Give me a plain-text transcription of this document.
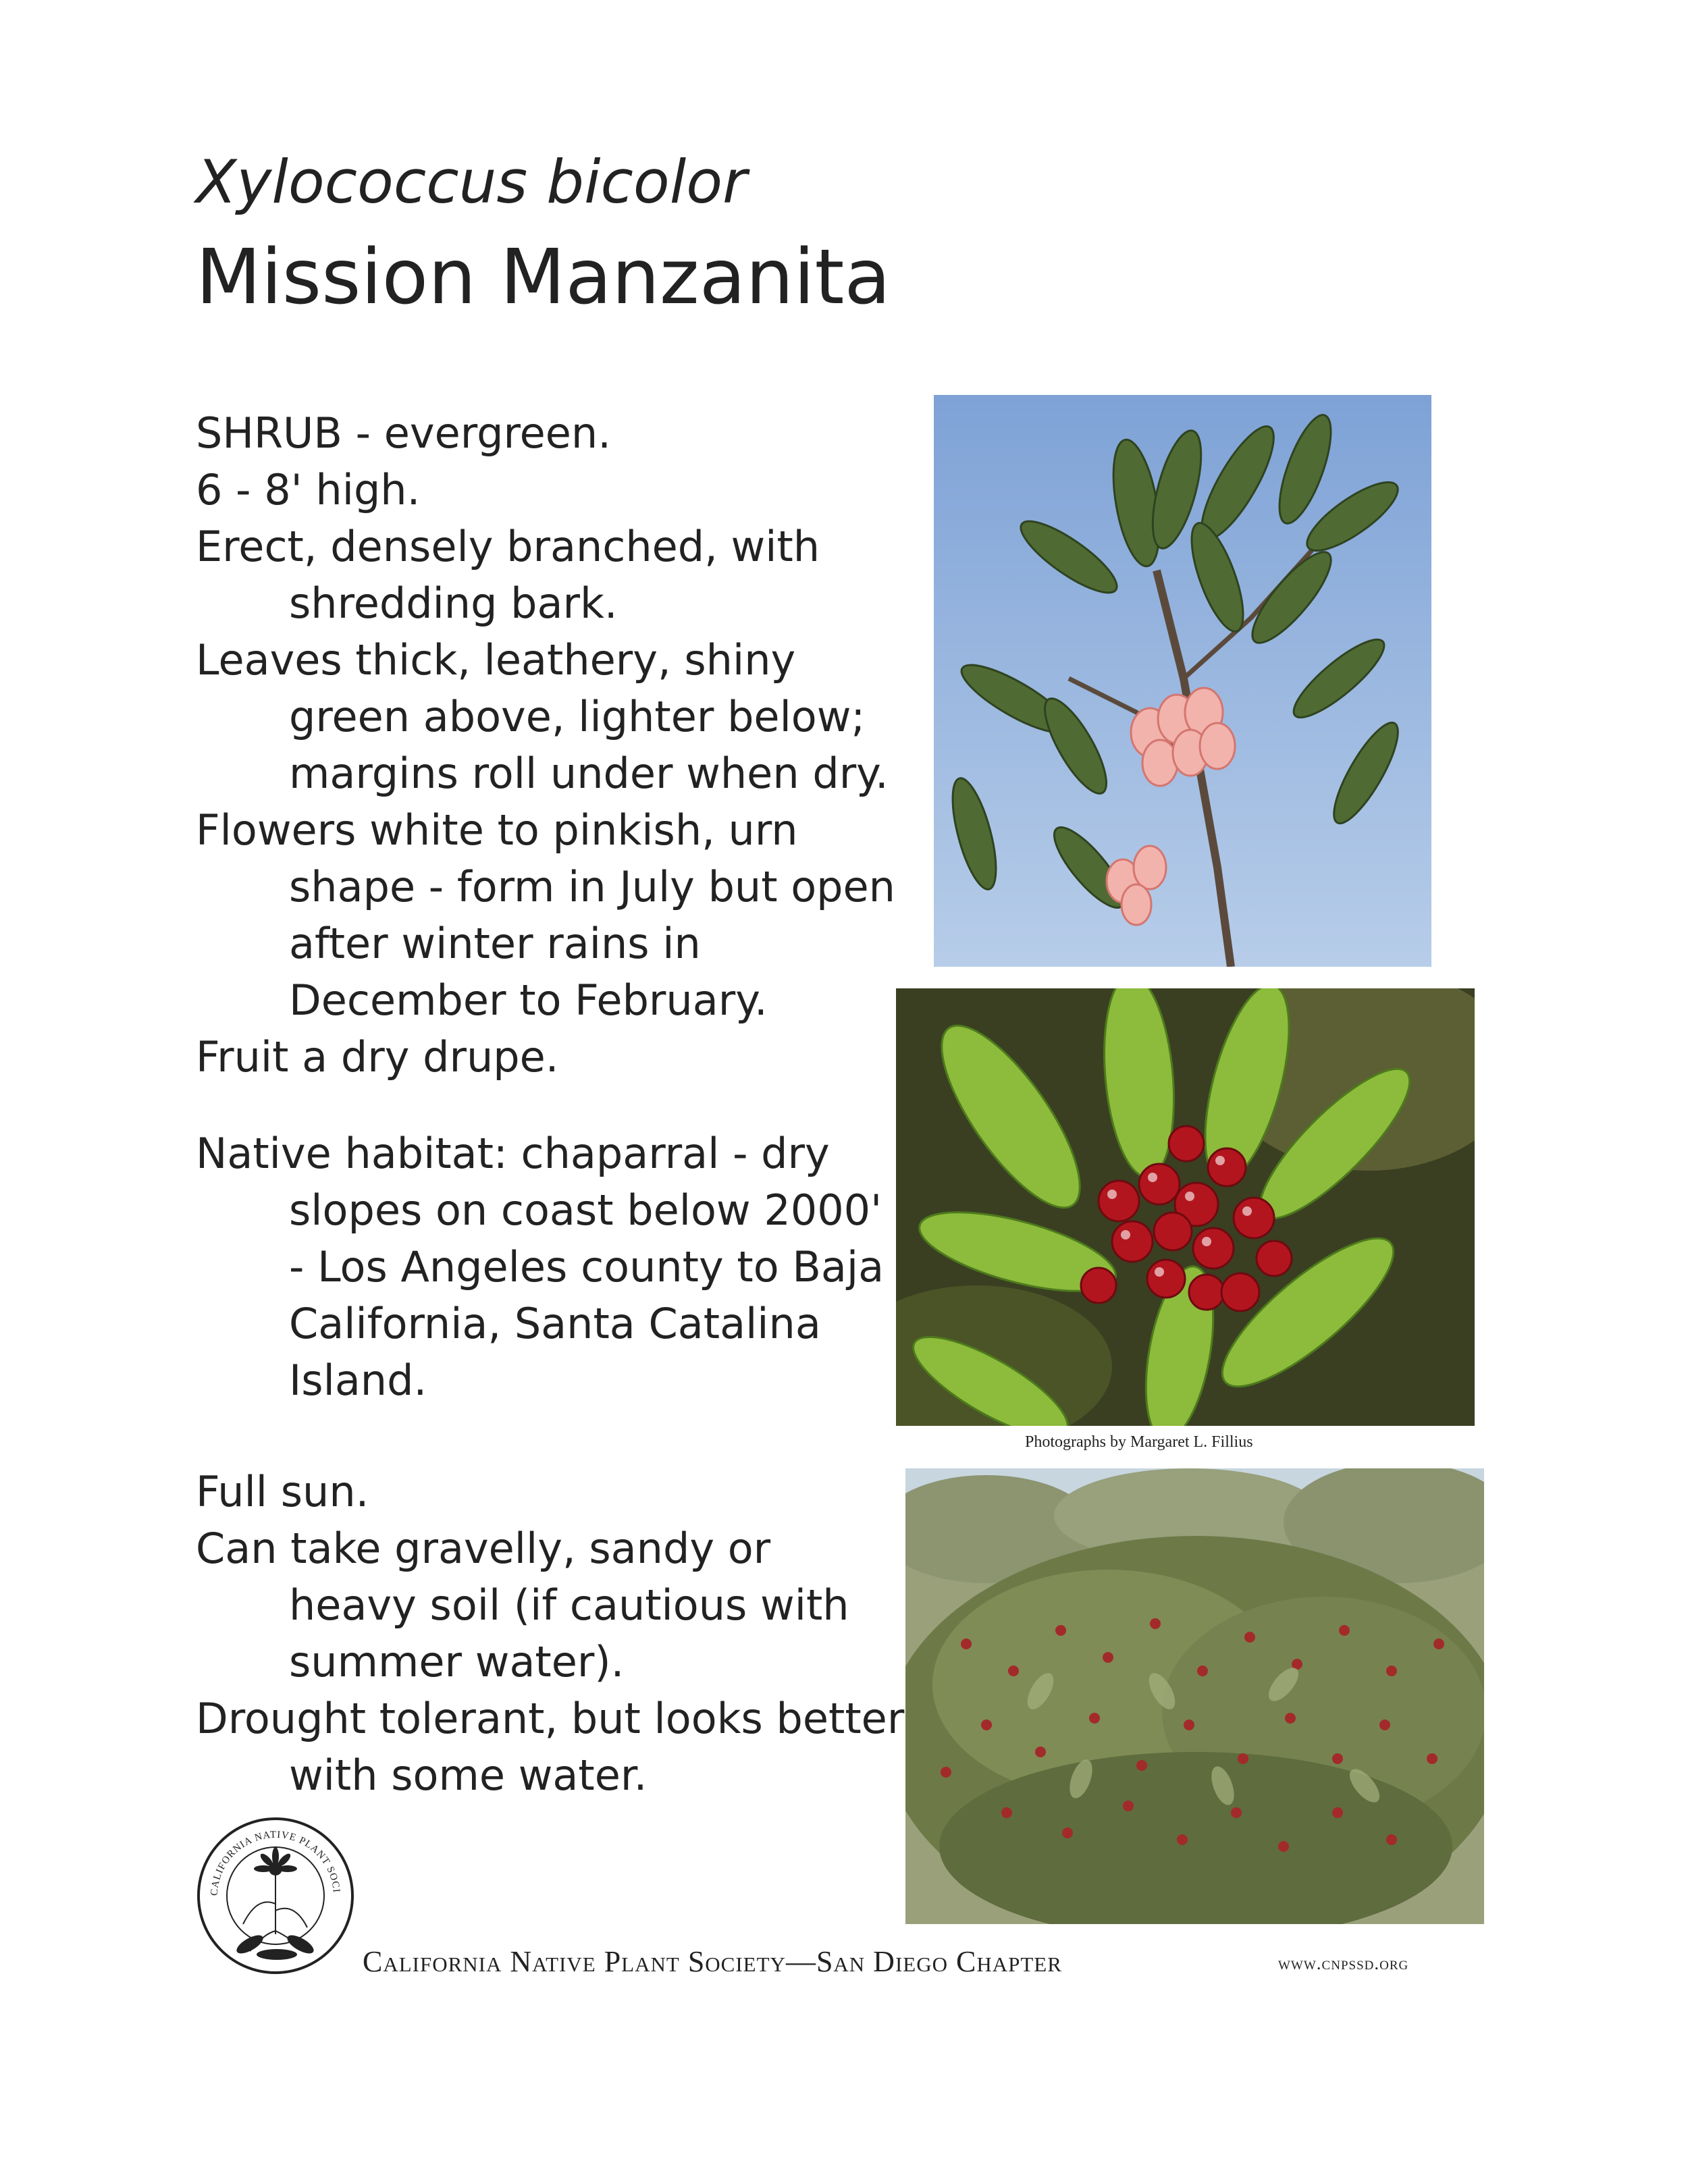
Xylococcus bicolor
Mission Manzanita

SHRUB - evergreen.

6 - 8' high.

Erect, densely branched, with shredding bark.

Leaves thick, leathery, shiny green above, lighter below; margins roll under when dry.

Flowers white to pinkish, urn shape - form in July but open after winter rains in December to February.

Fruit a dry drupe.

Native habitat: chaparral - dry slopes on coast below 2000' - Los Angeles county to Baja California, Santa Catalina Island.

Full sun.

Can take gravelly, sandy or heavy soil (if cautious with summer water).

Drought tolerant, but looks better with some water.

Photographs by Margaret L. Fillius
CALIFORNIA NATIVE PLANT SOCI
California Native Plant Society—San Diego Chapter	www.cnpssd.org
